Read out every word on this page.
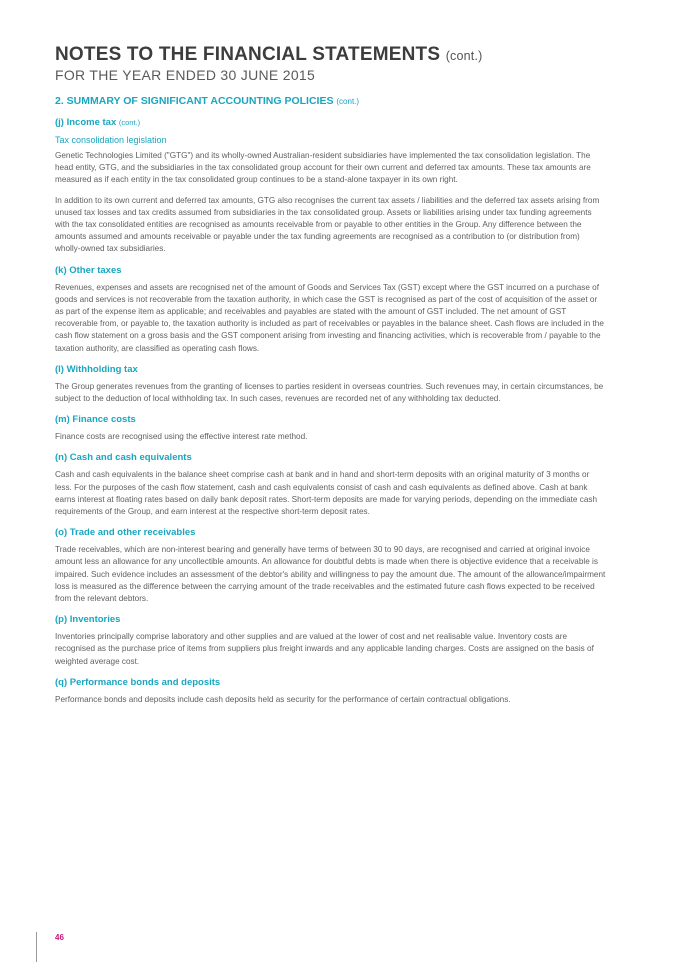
NOTES TO THE FINANCIAL STATEMENTS (cont.)
FOR THE YEAR ENDED 30 JUNE 2015
2. SUMMARY OF SIGNIFICANT ACCOUNTING POLICIES (cont.)
(j) Income tax (cont.)
Tax consolidation legislation

Genetic Technologies Limited ("GTG") and its wholly-owned Australian-resident subsidiaries have implemented the tax consolidation legislation. The head entity, GTG, and the subsidiaries in the tax consolidated group account for their own current and deferred tax amounts. These tax amounts are measured as if each entity in the tax consolidated group continues to be a stand-alone taxpayer in its own right.

In addition to its own current and deferred tax amounts, GTG also recognises the current tax assets / liabilities and the deferred tax assets arising from unused tax losses and tax credits assumed from subsidiaries in the tax consolidated group. Assets or liabilities arising under tax funding agreements with the tax consolidated entities are recognised as amounts receivable from or payable to other entities in the Group. Any difference between the amounts assumed and amounts receivable or payable under the tax funding agreements are recognised as a contribution to (or distribution from) wholly-owned tax subsidiaries.

(k) Other taxes

Revenues, expenses and assets are recognised net of the amount of Goods and Services Tax (GST) except where the GST incurred on a purchase of goods and services is not recoverable from the taxation authority, in which case the GST is recognised as part of the cost of acquisition of the asset or as part of the expense item as applicable; and receivables and payables are stated with the amount of GST included. The net amount of GST recoverable from, or payable to, the taxation authority is included as part of receivables or payables in the balance sheet. Cash flows are included in the cash flow statement on a gross basis and the GST component arising from investing and financing activities, which is recoverable from / payable to the taxation authority, are classified as operating cash flows.

(l) Withholding tax

The Group generates revenues from the granting of licenses to parties resident in overseas countries. Such revenues may, in certain circumstances, be subject to the deduction of local withholding tax. In such cases, revenues are recorded net of any withholding tax deducted.

(m) Finance costs

Finance costs are recognised using the effective interest rate method.

(n) Cash and cash equivalents

Cash and cash equivalents in the balance sheet comprise cash at bank and in hand and short-term deposits with an original maturity of 3 months or less. For the purposes of the cash flow statement, cash and cash equivalents consist of cash and cash equivalents as defined above. Cash at bank earns interest at floating rates based on daily bank deposit rates. Short-term deposits are made for varying periods, depending on the immediate cash requirements of the Group, and earn interest at the respective short-term deposit rates.

(o) Trade and other receivables

Trade receivables, which are non-interest bearing and generally have terms of between 30 to 90 days, are recognised and carried at original invoice amount less an allowance for any uncollectible amounts. An allowance for doubtful debts is made when there is objective evidence that a receivable is impaired. Such evidence includes an assessment of the debtor's ability and willingness to pay the amount due. The amount of the allowance/impairment loss is measured as the difference between the carrying amount of the trade receivables and the estimated future cash flows expected to be received from the relevant debtors.

(p) Inventories

Inventories principally comprise laboratory and other supplies and are valued at the lower of cost and net realisable value. Inventory costs are recognised as the purchase price of items from suppliers plus freight inwards and any applicable landing charges. Costs are assigned on the basis of weighted average cost.

(q) Performance bonds and deposits

Performance bonds and deposits include cash deposits held as security for the performance of certain contractual obligations.

46
